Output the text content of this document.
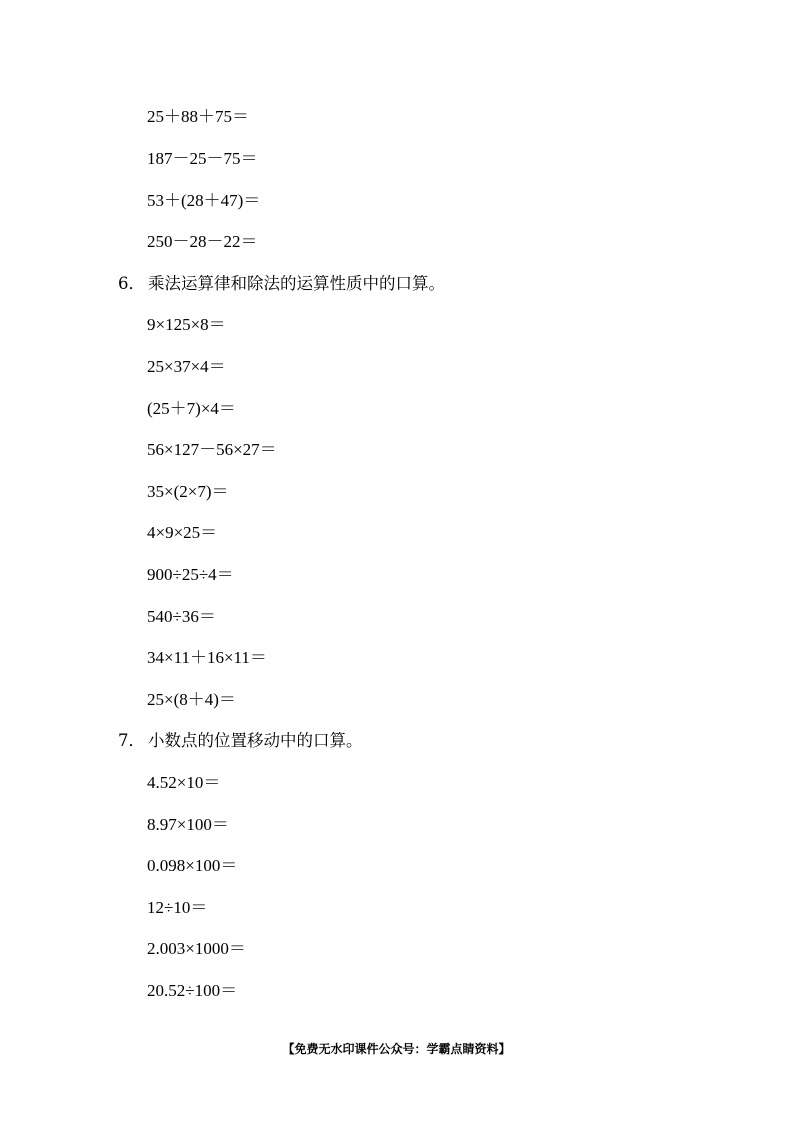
25＋88＋75＝
187－25－75＝
53＋(28＋47)＝
250－28－22＝
6． 乘法运算律和除法的运算性质中的口算。
9×125×8＝
25×37×4＝
(25＋7)×4＝
56×127－56×27＝
35×(2×7)＝
4×9×25＝
900÷25÷4＝
540÷36＝
34×11＋16×11＝
25×(8＋4)＝
7． 小数点的位置移动中的口算。
4.52×10＝
8.97×100＝
0.098×100＝
12÷10＝
2.003×1000＝
20.52÷100＝
【免费无水印课件公众号：学霸点睛资料】
